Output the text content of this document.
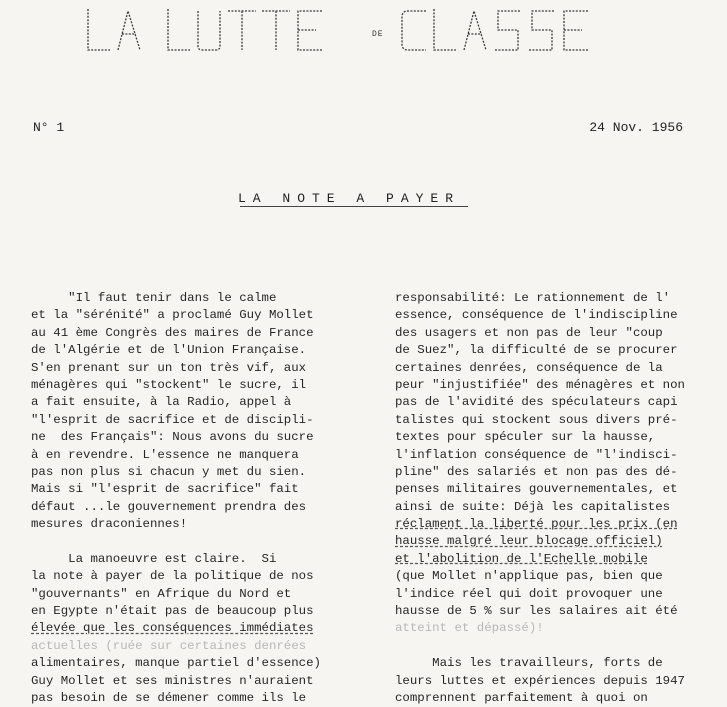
DE
N° 1	24 Nov. 1956
LA NOTE A PAYER
"Il faut tenir dans le calme
et la "sérénité" a proclamé Guy Mollet
au 41 ème Congrès des maires de France
de l'Algérie et de l'Union Française.
S'en prenant sur un ton très vif, aux
ménagères qui "stockent" le sucre, il
a fait ensuite, à la Radio, appel à
"l'esprit de sacrifice et de discipli-
ne  des Français": Nous avons du sucre
à en revendre. L'essence ne manquera
pas non plus si chacun y met du sien.
Mais si "l'esprit de sacrifice" fait
défaut ...le gouvernement prendra des
mesures draconiennes!
La manoeuvre est claire.  Si
la note à payer de la politique de nos
"gouvernants" en Afrique du Nord et
en Egypte n'était pas de beaucoup plus
élevée que les conséquences immédiates
actuelles (ruée sur certaines denrées
alimentaires, manque partiel d'essence)
Guy Mollet et ses ministres n'auraient
pas besoin de se démener comme ils le
responsabilité: Le rationnement de l'
essence, conséquence de l'indiscipline
des usagers et non pas de leur "coup
de Suez", la difficulté de se procurer
certaines denrées, conséquence de la
peur "injustifiée" des ménagères et non
pas de l'avidité des spéculateurs capi
talistes qui stockent sous divers pré-
textes pour spéculer sur la hausse,
l'inflation conséquence de "l'indisci-
pline" des salariés et non pas des dé-
penses militaires gouvernementales, et
ainsi de suite: Déjà les capitalistes
réclament la liberté pour les prix (en
hausse malgré leur blocage officiel)
et l'abolition de l'Echelle mobile
(que Mollet n'applique pas, bien que
l'indice réel qui doit provoquer une
hausse de 5 % sur les salaires ait été
atteint et dépassé)!
Mais les travailleurs, forts de
leurs luttes et expériences depuis 1947
comprennent parfaitement à quoi on
